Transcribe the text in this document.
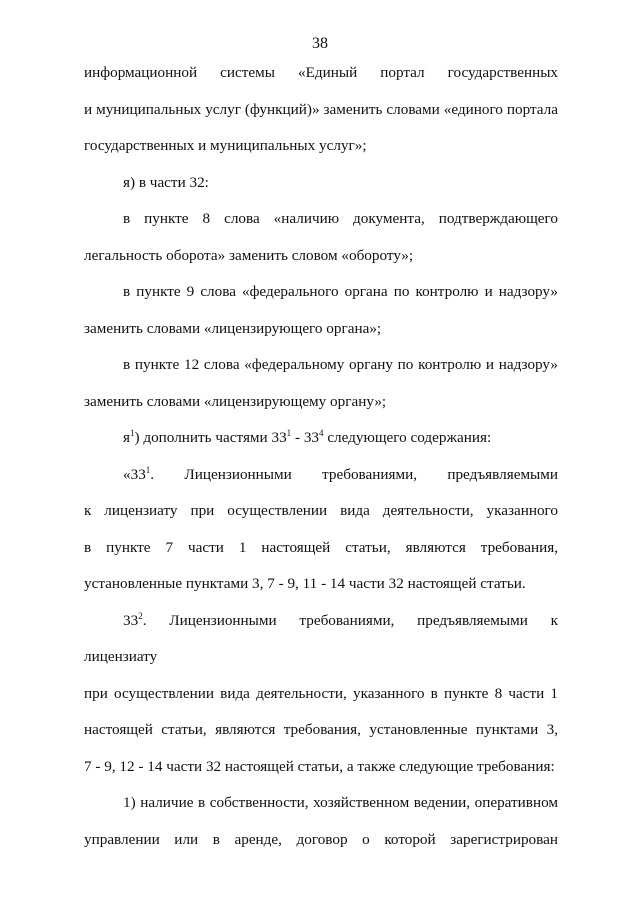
38

информационной системы «Единый портал государственных

и муниципальных услуг (функций)» заменить словами «единого портала

государственных и муниципальных услуг»;

я) в части 32:

в пункте 8 слова «наличию документа, подтверждающего

легальность оборота» заменить словом «обороту»;

в пункте 9 слова «федерального органа по контролю и надзору»

заменить словами «лицензирующего органа»;

в пункте 12 слова «федеральному органу по контролю и надзору»

заменить словами «лицензирующему органу»;

$я^1$) дополнить частями $33^1 - 33^4$ следующего содержания:

«$33^1$. Лицензионными требованиями, предъявляемыми

к лицензиату при осуществлении вида деятельности, указанного

в пункте 7 части 1 настоящей статьи, являются требования,

установленные пунктами 3, 7 - 9, 11 - 14 части 32 настоящей статьи.

$33^2$. Лицензионными требованиями, предъявляемыми к лицензиату

при осуществлении вида деятельности, указанного в пункте 8 части 1

настоящей статьи, являются требования, установленные пунктами 3,

7 - 9, 12 - 14 части 32 настоящей статьи, а также следующие требования:

1) наличие в собственности, хозяйственном ведении, оперативном

управлении или в аренде, договор о которой зарегистрирован
